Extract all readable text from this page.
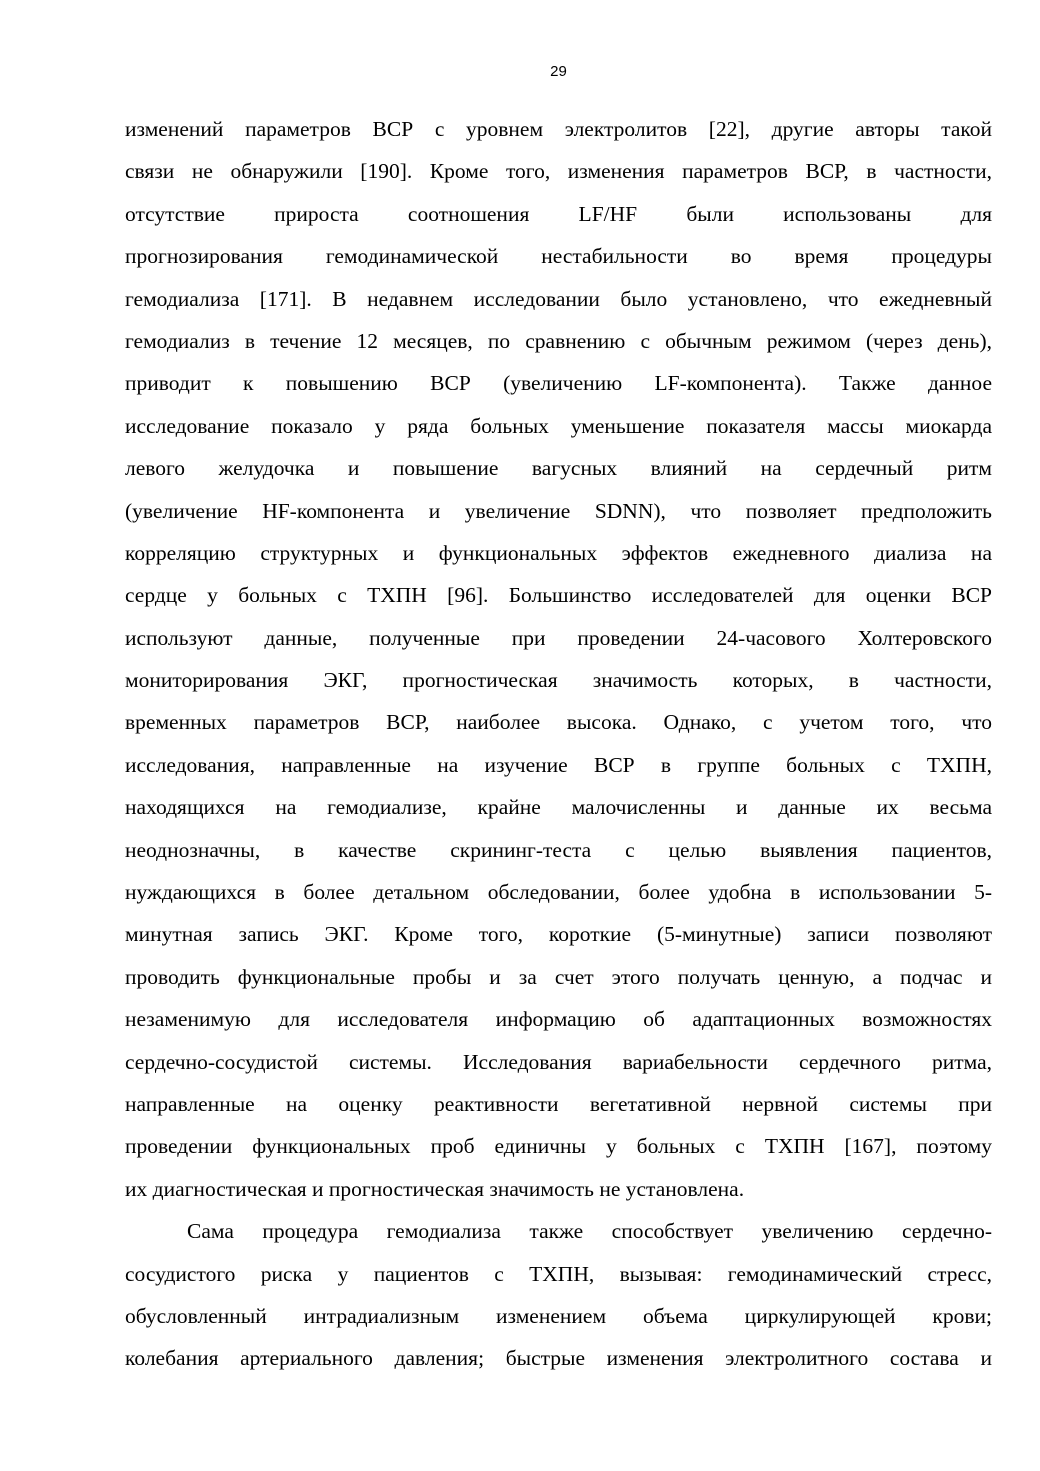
29

изменений параметров ВСР с уровнем электролитов [22], другие авторы такой
связи не обнаружили [190]. Кроме того, изменения параметров ВСР, в частности,
отсутствие прироста соотношения LF/HF были использованы для
прогнозирования гемодинамической нестабильности во время процедуры
гемодиализа [171]. В недавнем исследовании было установлено, что ежедневный
гемодиализ в течение 12 месяцев, по сравнению с обычным режимом (через день),
приводит к повышению ВСР (увеличению LF-компонента). Также данное
исследование показало у ряда больных уменьшение показателя массы миокарда
левого желудочка и повышение вагусных влияний на сердечный ритм
(увеличение HF-компонента и увеличение SDNN), что позволяет предположить
корреляцию структурных и функциональных эффектов ежедневного диализа на
сердце у больных с ТХПН [96]. Большинство исследователей для оценки ВСР
используют данные, полученные при проведении 24-часового Холтеровского
мониторирования ЭКГ, прогностическая значимость которых, в частности,
временных параметров ВСР, наиболее высока. Однако, с учетом того, что
исследования, направленные на изучение ВСР в группе больных с ТХПН,
находящихся на гемодиализе, крайне малочисленны и данные их весьма
неоднозначны, в качестве скрининг-теста с целью выявления пациентов,
нуждающихся в более детальном обследовании, более удобна в использовании 5-
минутная запись ЭКГ. Кроме того, короткие (5-минутные) записи позволяют
проводить функциональные пробы и за счет этого получать ценную, а подчас и
незаменимую для исследователя информацию об адаптационных возможностях
сердечно-сосудистой системы. Исследования вариабельности сердечного ритма,
направленные на оценку реактивности вегетативной нервной системы при
проведении функциональных проб единичны у больных с ТХПН [167], поэтому
их диагностическая и прогностическая значимость не установлена.

Сама процедура гемодиализа также способствует увеличению сердечно-
сосудистого риска у пациентов с ТХПН, вызывая: гемодинамический стресс,
обусловленный интрадиализным изменением объема циркулирующей крови;
колебания артериального давления; быстрые изменения электролитного состава и
